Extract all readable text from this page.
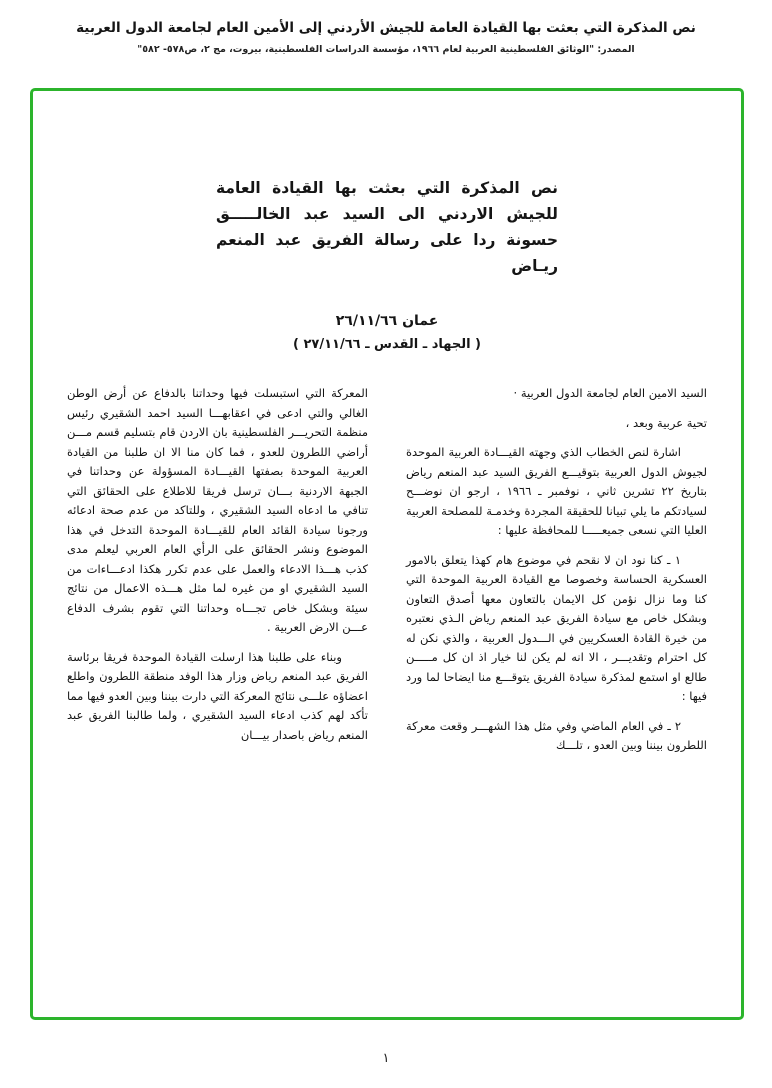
نص المذكرة التي بعثت بها القيادة العامة للجيش الأردني إلى الأمين العام لجامعة الدول العربية
المصدر: "الوثائق الفلسطينية العربية لعام ١٩٦٦، مؤسسة الدراسات الفلسطينية، بيروت، مج ٢، ص٥٧٨- ٥٨٢"
نص المذكرة التي بعثت بها القيادة العامة
للجيش الاردني الى السيد عبد الخالـــــق
حسونة ردا على رسالة الفريق عبد المنعم
ريـاض
عمان ٢٦/١١/٦٦
( الجهاد ـ القدس ـ ٢٧/١١/٦٦ )

السيد الامين العام لجامعة الدول العربية ·

تحية عربية وبعد ،

اشارة لنص الخطاب الذي وجهته القيـــادة العربية الموحدة لجيوش الدول العربية بتوقيـــع الفريق السيد عبد المنعم رياض بتاريخ ٢٢ تشرين ثاني ، نوفمبر ـ ١٩٦٦ ، ارجو ان نوضـــح لسيادتكم ما يلي تبيانا للحقيقة المجردة وخدمـة للمصلحة العربية العليا التي نسعى جميعـــــا للمحافظة عليها :

١ ـ كنا نود ان لا نقحم في موضوع هام كهذا يتعلق بالامور العسكرية الحساسة وخصوصا مع القيادة العربية الموحدة التي كنا وما نزال نؤمن كل الايمان بالتعاون معها أصدق التعاون وبشكل خاص مع سيادة الفريق عبد المنعم رياض الـذي نعتبره من خيرة القادة العسكريين في الـــدول العربية ، والذي نكن له كل احترام وتقديـــر ، الا انه لم يكن لنا خيار اذ ان كل مـــــن طالع او استمع لمذكرة سيادة الفريق يتوقـــع منا ايضاحا لما ورد فيها :

٢ ـ في العام الماضي وفي مثل هذا الشهـــر وقعت معركة اللطرون بيننا وبين العدو ، تلـــك

المعركة التي استبسلت فيها وحداتنا بالدفاع عن أرض الوطن الغالي والتي ادعى في اعقابهـــا السيد احمد الشقيري رئيس منظمة التحريـــر الفلسطينية بان الاردن قام بتسليم قسم مـــن أراضي اللطرون للعدو ، فما كان منا الا ان طلبنا من القيادة العربية الموحدة بصفتها القيـــادة المسؤولة عن وحداتنا في الجبهة الاردنية بـــان ترسل فريقا للاطلاع على الحقائق التي تنافي ما ادعاه السيد الشقيري ، وللتاكد من عدم صحة ادعائه ورجونا سيادة القائد العام للقيـــادة الموحدة التدخل في هذا الموضوع ونشر الحقائق على الرأي العام العربي ليعلم مدى كذب هـــذا الادعاء والعمل على عدم تكرر هكذا ادعـــاءات من السيد الشقيري او من غيره لما مثل هـــذه الاعمال من نتائج سيئة وبشكل خاص تجـــاه وحداتنا التي تقوم بشرف الدفاع عـــن الارض العربية .

وبناء على طلبنا هذا ارسلت القيادة الموحدة فريقا برئاسة الفريق عبد المنعم رياض وزار هذا الوفد منطقة اللطرون واطلع اعضاؤه علـــى نتائج المعركة التي دارت بيننا وبين العدو فيها مما تأكد لهم كذب ادعاء السيد الشقيري ، ولما طالبنا الفريق عبد المنعم رياض باصدار بيـــان

١
